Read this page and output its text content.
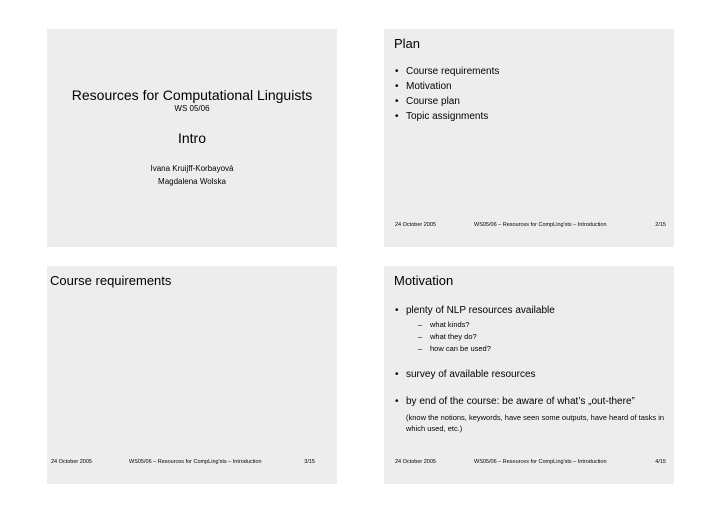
Resources for Computational Linguists
WS 05/06
Intro
Ivana Kruijff-Korbayová
Magdalena Wolska
Plan
• Course requirements
• Motivation
• Course plan
• Topic assignments
24 October 2005	WS05/06 – Resources for CompLing'sts – Introduction	2/15
Course requirements
24 October 2005	WS05/06 – Resources for CompLing'sts – Introduction	3/15
Motivation
• plenty of NLP resources available
– what kinds?
– what they do?
– how can be used?
• survey of available resources
• by end of the course: be aware of what’s „out-there”
(know the notions, keywords, have seen some outputs, have heard of tasks in which used, etc.)
24 October 2005	WS05/06 – Resources for CompLing'sts – Introduction	4/15
